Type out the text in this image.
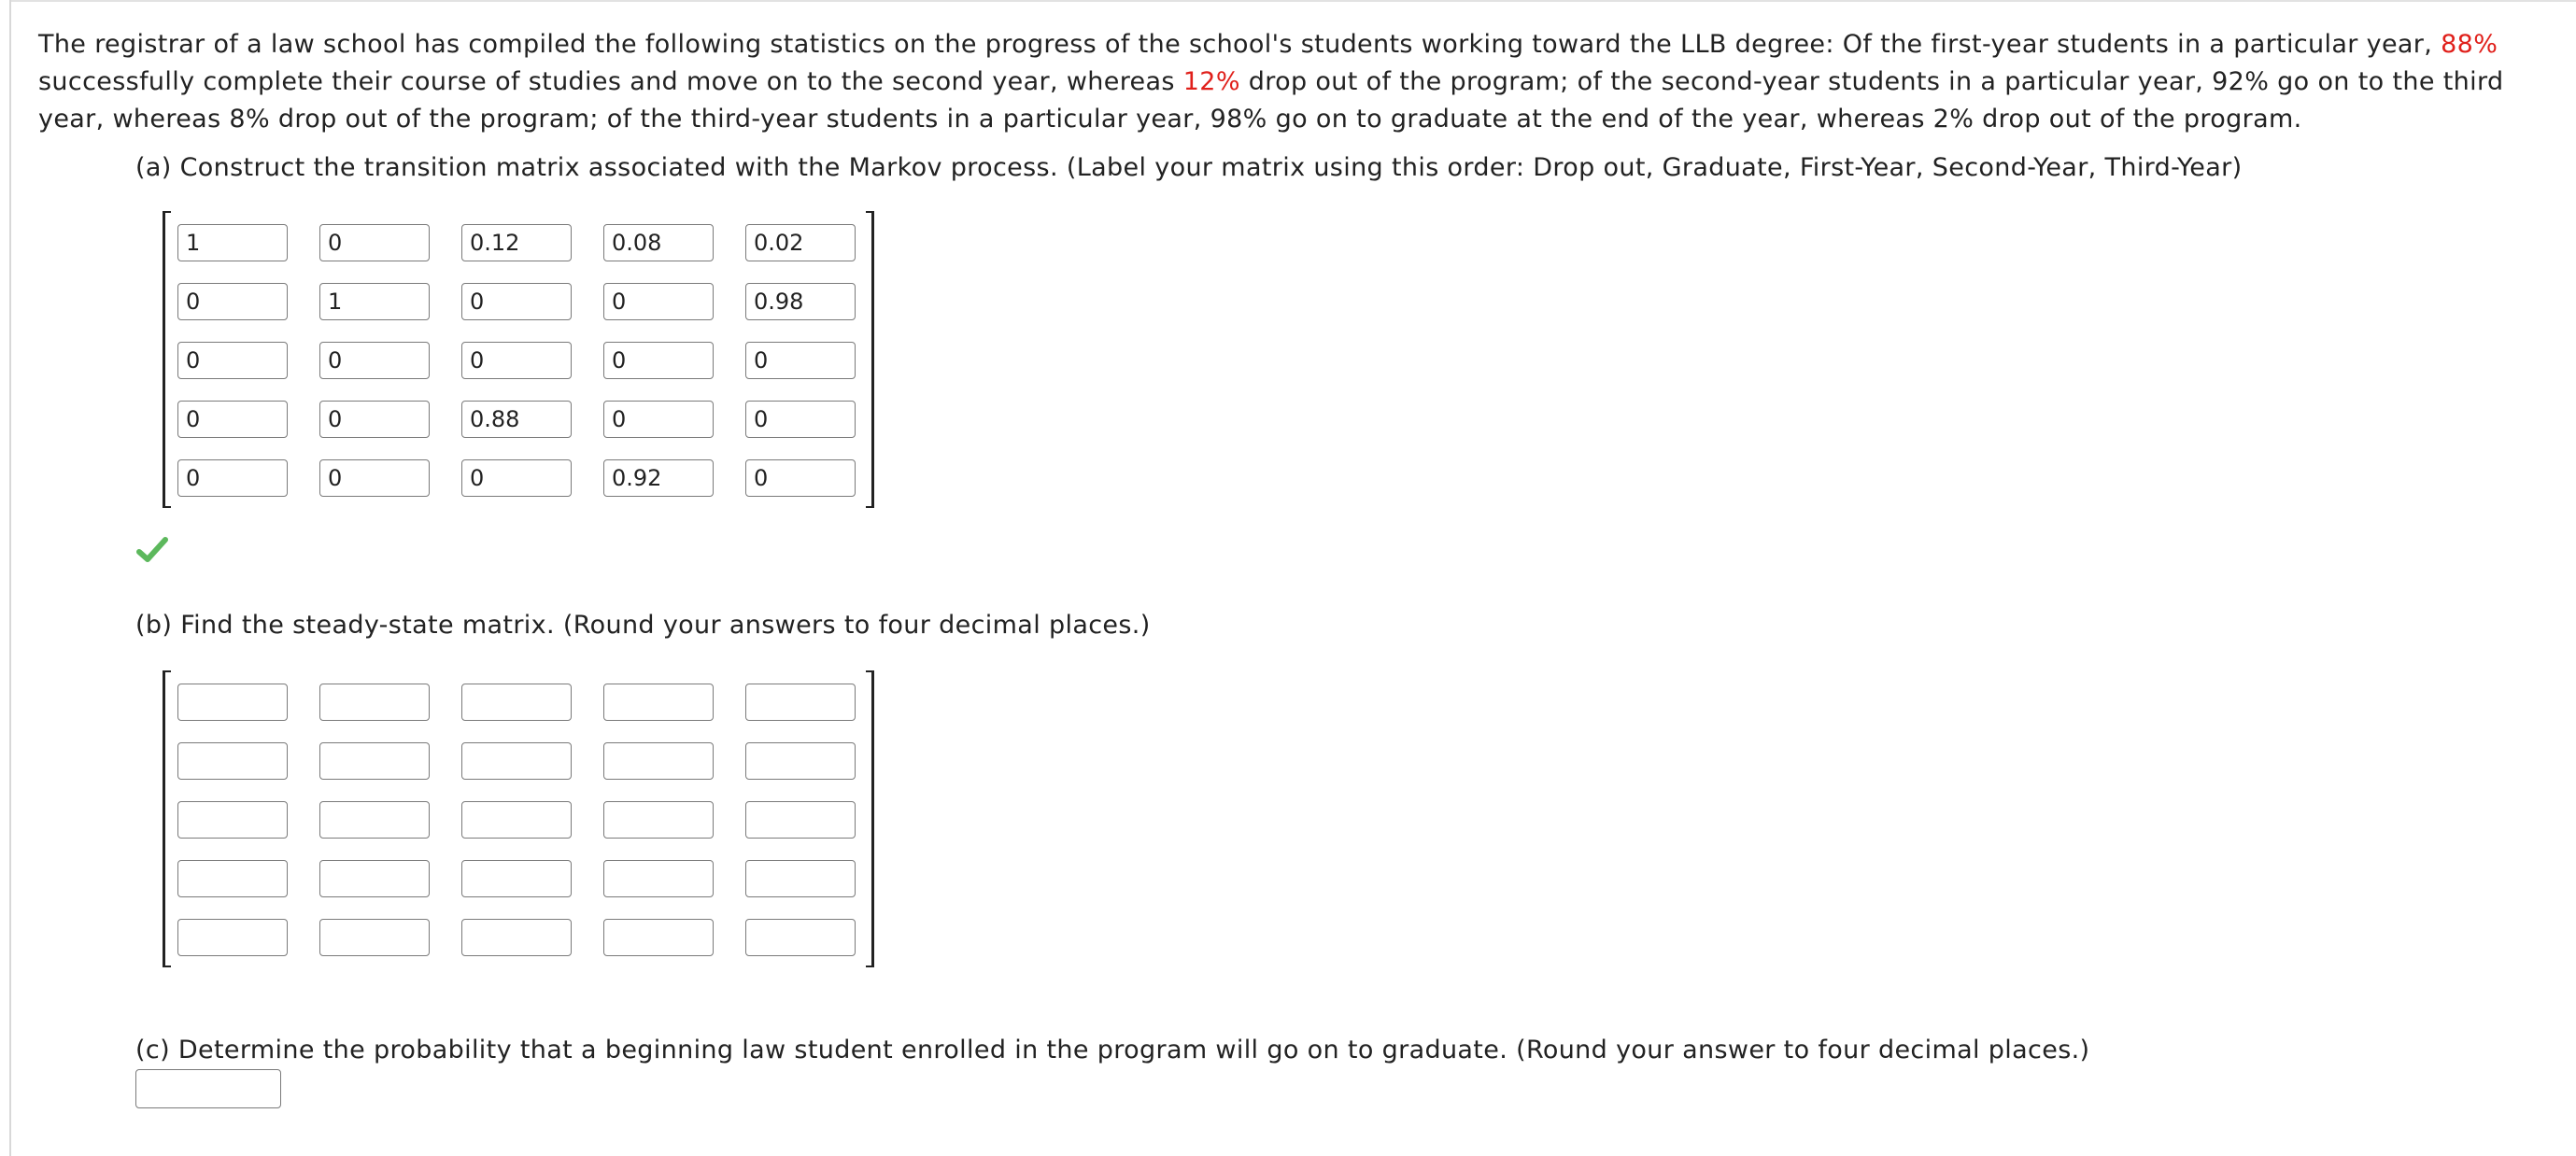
The registrar of a law school has compiled the following statistics on the progress of the school's students working toward the LLB degree: Of the first-year students in a particular year, 88% successfully complete their course of studies and move on to the second year, whereas 12% drop out of the program; of the second-year students in a particular year, 92% go on to the third year, whereas 8% drop out of the program; of the third-year students in a particular year, 98% go on to graduate at the end of the year, whereas 2% drop out of the program.
(a) Construct the transition matrix associated with the Markov process. (Label your matrix using this order: Drop out, Graduate, First-Year, Second-Year, Third-Year)
1
0
0.12
0.08
0.02
0
1
0
0
0.98
0
0
0
0
0
0
0
0.88
0
0
0
0
0
0.92
0
(b) Find the steady-state matrix. (Round your answers to four decimal places.)
(c) Determine the probability that a beginning law student enrolled in the program will go on to graduate. (Round your answer to four decimal places.)
